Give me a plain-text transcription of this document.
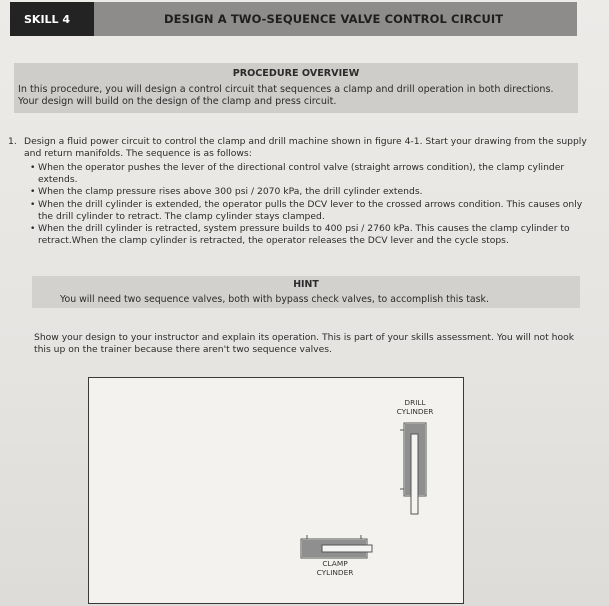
SKILL 4	DESIGN A TWO-SEQUENCE VALVE CONTROL CIRCUIT
PROCEDURE OVERVIEW
In this procedure, you will design a control circuit that sequences a clamp and drill operation in both directions.
Your design will build on the design of the clamp and press circuit.
1. Design a fluid power circuit to control the clamp and drill machine shown in figure 4-1. Start your drawing from the supply and return manifolds. The sequence is as follows:
• When the operator pushes the lever of the directional control valve (straight arrows condition), the clamp cylinder extends.
• When the clamp pressure rises above 300 psi / 2070 kPa, the drill cylinder extends.
• When the drill cylinder is extended, the operator pulls the DCV lever to the crossed arrows condition. This causes only the drill cylinder to retract. The clamp cylinder stays clamped.
• When the drill cylinder is retracted, system pressure builds to 400 psi / 2760 kPa. This causes the clamp cylinder to retract.When the clamp cylinder is retracted, the operator releases the DCV lever and the cycle stops.
HINT
You will need two sequence valves, both with bypass check valves, to accomplish this task.
Show your design to your instructor and explain its operation. This is part of your skills assessment. You will not hook this up on the trainer because there aren't two sequence valves.
DRILL
CYLINDER
CLAMP
CYLINDER
